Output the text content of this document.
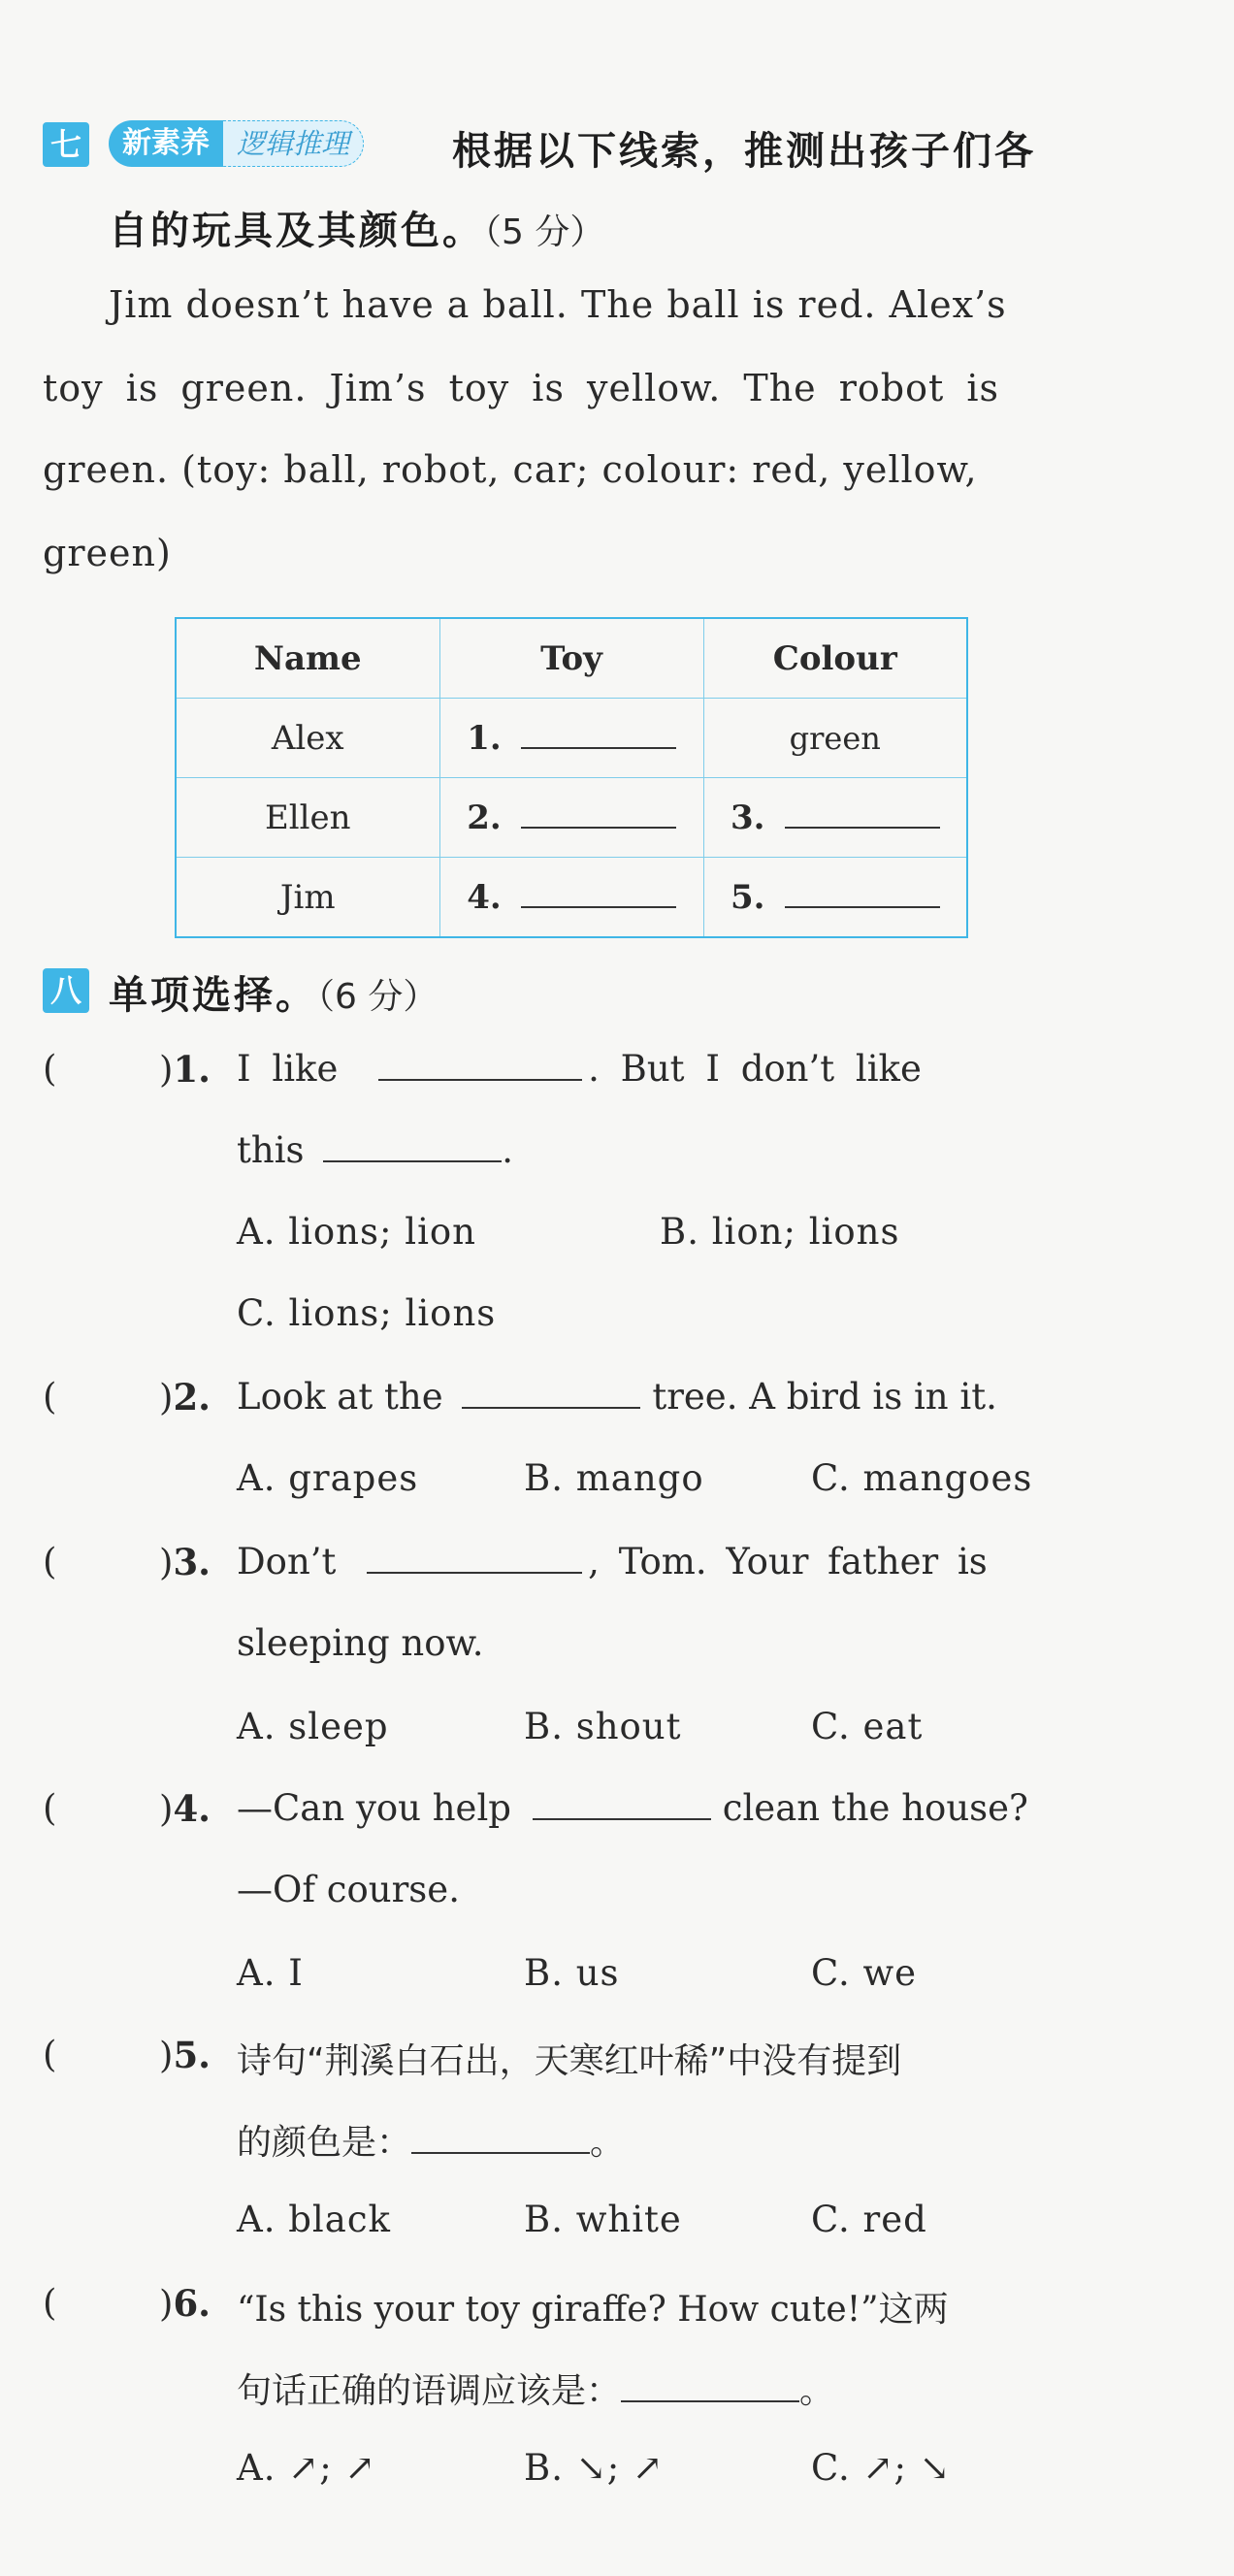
七	新素养 逻辑推理	根据以下线索，推测出孩子们各
自的玩具及其颜色。（5 分）
Jim doesn’t have a ball. The ball is red. Alex’s
toy is green. Jim’s toy is yellow. The robot is
green. (toy: ball, robot, car; colour: red, yellow,
green)
Name	Toy	Colour
Alex	1.	green
Ellen	2.	3.
Jim	4.	5.
八 单项选择。（6 分）
(	)1. I like	. But I don’t like
this	.
A. lions; lion	B. lion; lions
C. lions; lions
(	)2. Look at the	tree. A bird is in it.
A. grapes	B. mango	C. mangoes
(	)3. Don’t	, Tom. Your father is
sleeping now.
A. sleep	B. shout	C. eat
(	)4. —Can you help	clean the house?
—Of course.
A. I	B. us	C. we
(	)5. 诗句“荆溪白石出，天寒红叶稀”中没有提到
的颜色是：	。
A. black	B. white	C. red
(	)6. “Is this your toy giraffe? How cute!”这两
句话正确的语调应该是：	。
A. ↗; ↗	B. ↘; ↗	C. ↗; ↘
